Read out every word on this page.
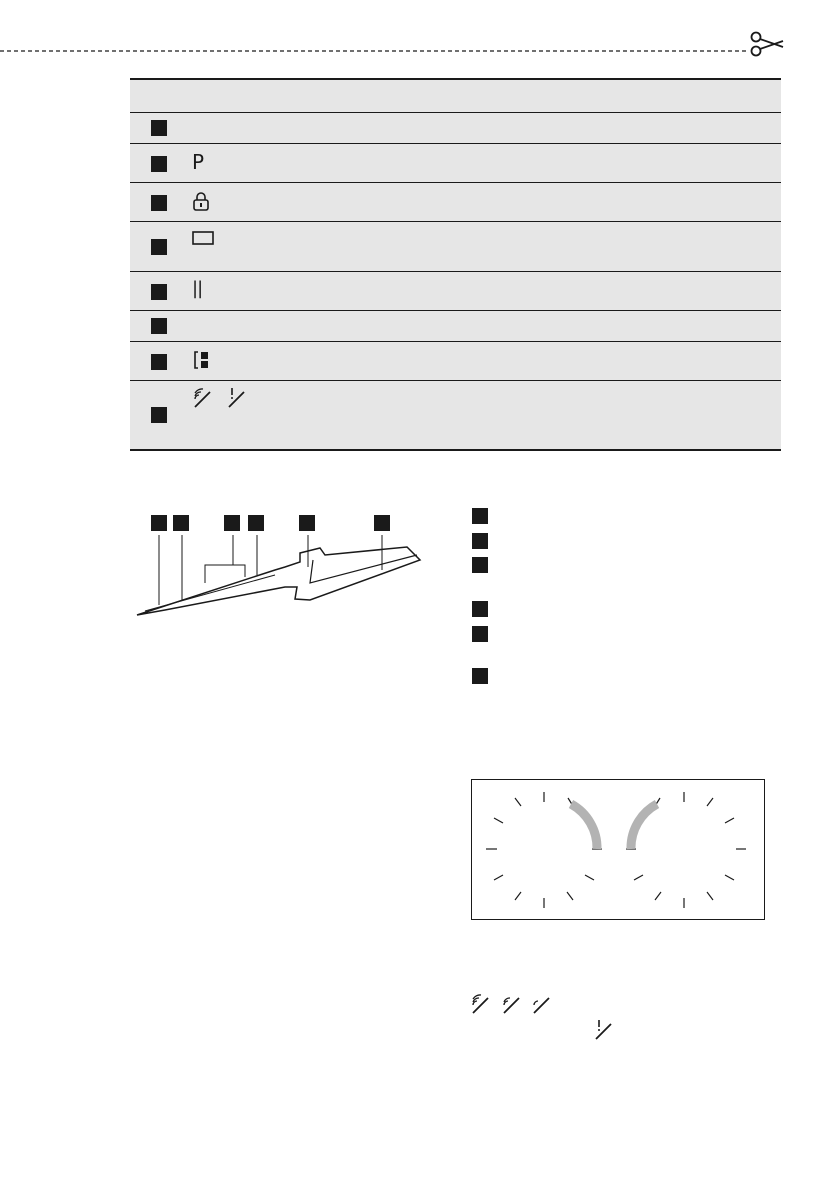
P
||
